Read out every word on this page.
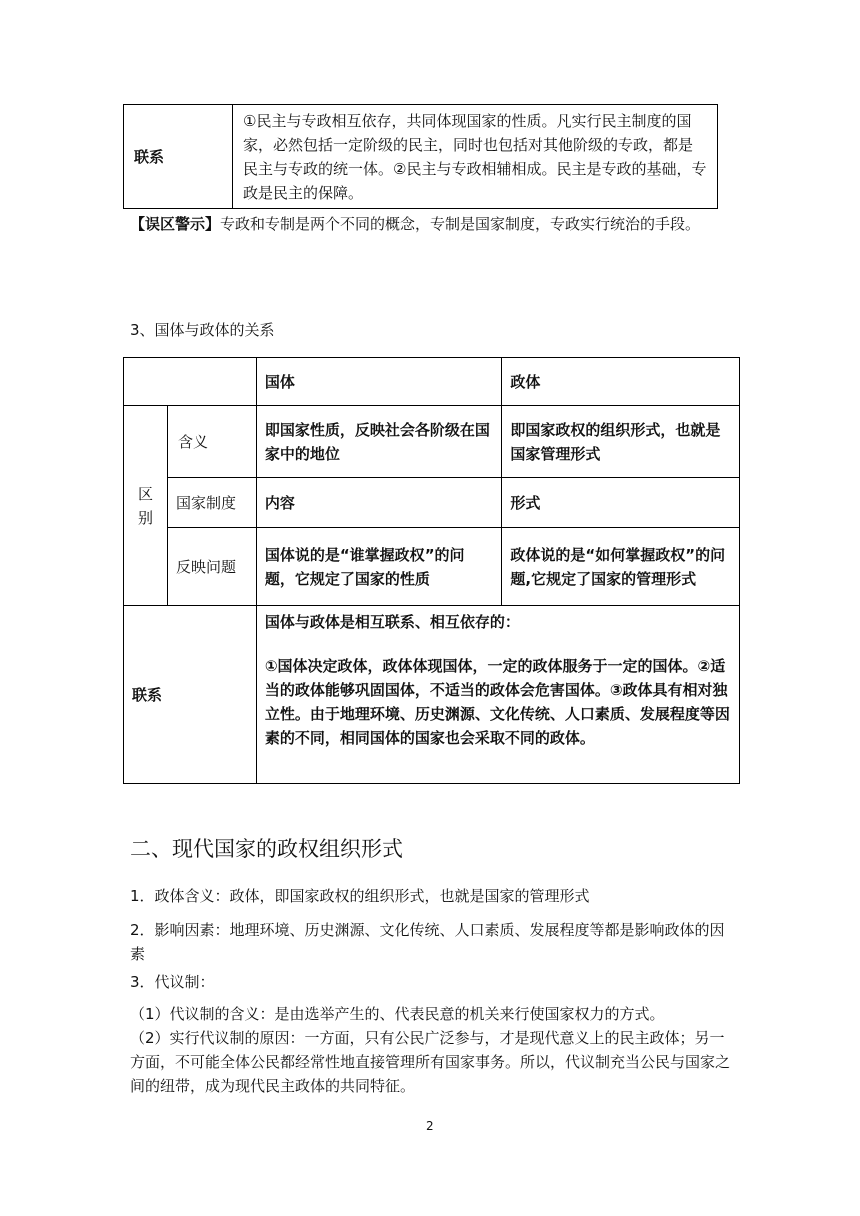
联系	①民主与专政相互依存，共同体现国家的性质。凡实行民主制度的国家，必然包括一定阶级的民主，同时也包括对其他阶级的专政，都是民主与专政的统一体。②民主与专政相辅相成。民主是专政的基础，专政是民主的保障。
【误区警示】专政和专制是两个不同的概念，专制是国家制度，专政实行统治的手段。
3、国体与政体的关系
		国体	政体
区别	含义	即国家性质，反映社会各阶级在国家中的地位	即国家政权的组织形式，也就是国家管理形式
	国家制度	内容	形式
	反映问题	国体说的是“谁掌握政权”的问题，它规定了国家的性质	政体说的是“如何掌握政权”的问题,它规定了国家的管理形式
联系		国体与政体是相互联系、相互依存的：
①国体决定政体，政体体现国体，一定的政体服务于一定的国体。②适当的政体能够巩固国体，不适当的政体会危害国体。③政体具有相对独立性。由于地理环境、历史渊源、文化传统、人口素质、发展程度等因素的不同，相同国体的国家也会采取不同的政体。	
二、现代国家的政权组织形式
1．政体含义：政体，即国家政权的组织形式，也就是国家的管理形式
2．影响因素：地理环境、历史渊源、文化传统、人口素质、发展程度等都是影响政体的因素
3．代议制：
（1）代议制的含义：是由选举产生的、代表民意的机关来行使国家权力的方式。
（2）实行代议制的原因：一方面，只有公民广泛参与，才是现代意义上的民主政体；另一方面，不可能全体公民都经常性地直接管理所有国家事务。所以，代议制充当公民与国家之间的纽带，成为现代民主政体的共同特征。
2
